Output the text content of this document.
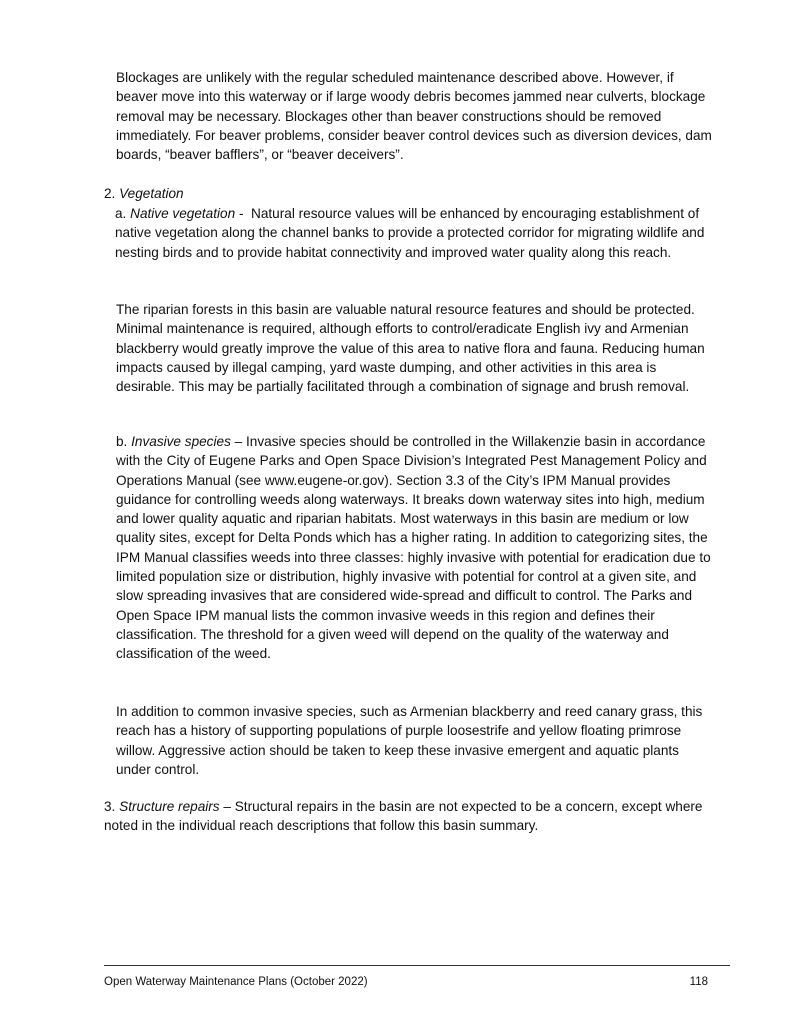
Blockages are unlikely with the regular scheduled maintenance described above. However, if beaver move into this waterway or if large woody debris becomes jammed near culverts, blockage removal may be necessary. Blockages other than beaver constructions should be removed immediately. For beaver problems, consider beaver control devices such as diversion devices, dam boards, “beaver bafflers”, or “beaver deceivers”.

2. Vegetation

a. Native vegetation -  Natural resource values will be enhanced by encouraging establishment of native vegetation along the channel banks to provide a protected corridor for migrating wildlife and nesting birds and to provide habitat connectivity and improved water quality along this reach.

The riparian forests in this basin are valuable natural resource features and should be protected. Minimal maintenance is required, although efforts to control/eradicate English ivy and Armenian blackberry would greatly improve the value of this area to native flora and fauna. Reducing human impacts caused by illegal camping, yard waste dumping, and other activities in this area is desirable. This may be partially facilitated through a combination of signage and brush removal.

b. Invasive species – Invasive species should be controlled in the Willakenzie basin in accordance with the City of Eugene Parks and Open Space Division’s Integrated Pest Management Policy and Operations Manual (see www.eugene-or.gov). Section 3.3 of the City’s IPM Manual provides guidance for controlling weeds along waterways. It breaks down waterway sites into high, medium and lower quality aquatic and riparian habitats. Most waterways in this basin are medium or low quality sites, except for Delta Ponds which has a higher rating. In addition to categorizing sites, the IPM Manual classifies weeds into three classes: highly invasive with potential for eradication due to limited population size or distribution, highly invasive with potential for control at a given site, and slow spreading invasives that are considered wide-spread and difficult to control. The Parks and Open Space IPM manual lists the common invasive weeds in this region and defines their classification. The threshold for a given weed will depend on the quality of the waterway and classification of the weed.

In addition to common invasive species, such as Armenian blackberry and reed canary grass, this reach has a history of supporting populations of purple loosestrife and yellow floating primrose willow. Aggressive action should be taken to keep these invasive emergent and aquatic plants under control.

3. Structure repairs – Structural repairs in the basin are not expected to be a concern, except where noted in the individual reach descriptions that follow this basin summary.

Open Waterway Maintenance Plans (October 2022)	118
